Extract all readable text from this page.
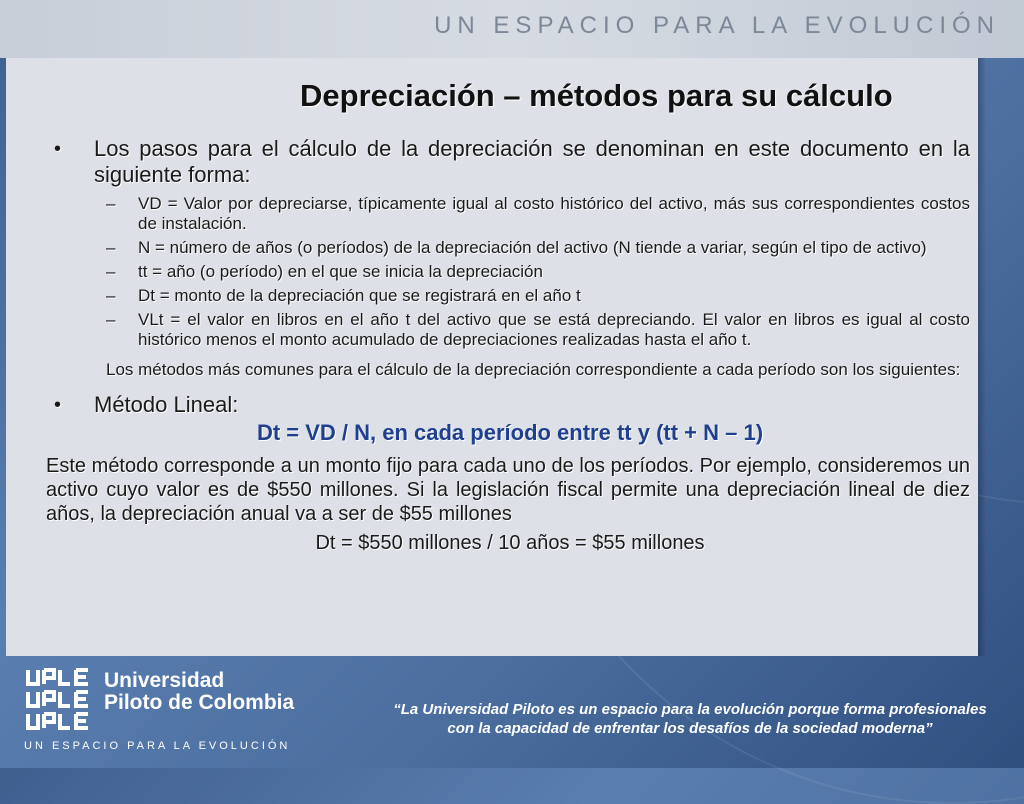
UN ESPACIO PARA LA EVOLUCIÓN
Depreciación – métodos para su cálculo

• Los pasos para el cálculo de la depreciación se denominan en este documento en la siguiente forma:

– VD = Valor por depreciarse, típicamente igual al costo histórico del activo, más sus correspondientes costos de instalación.
– N = número de años (o períodos) de la depreciación del activo (N tiende a variar, según el tipo de activo)
– tt = año (o período) en el que se inicia la depreciación
– Dt = monto de la depreciación que se registrará en el año t
– VLt = el valor en libros en el año t del activo que se está depreciando. El valor en libros es igual al costo histórico menos el monto acumulado de depreciaciones realizadas hasta el año t.

Los métodos más comunes para el cálculo de la depreciación correspondiente a cada período son los siguientes:

• Método Lineal:

Dt = VD / N, en cada período entre tt y (tt + N – 1)

Este método corresponde a un monto fijo para cada uno de los períodos. Por ejemplo, consideremos un activo cuyo valor es de $550 millones. Si la legislación fiscal permite una depreciación lineal de diez años, la depreciación anual va a ser de $55 millones

Dt = $550 millones / 10 años = $55 millones

Universidad
Piloto de Colombia
UN ESPACIO PARA LA EVOLUCIÓN
“La Universidad Piloto es un espacio para la evolución porque forma profesionales con la capacidad de enfrentar los desafíos de la sociedad moderna”
